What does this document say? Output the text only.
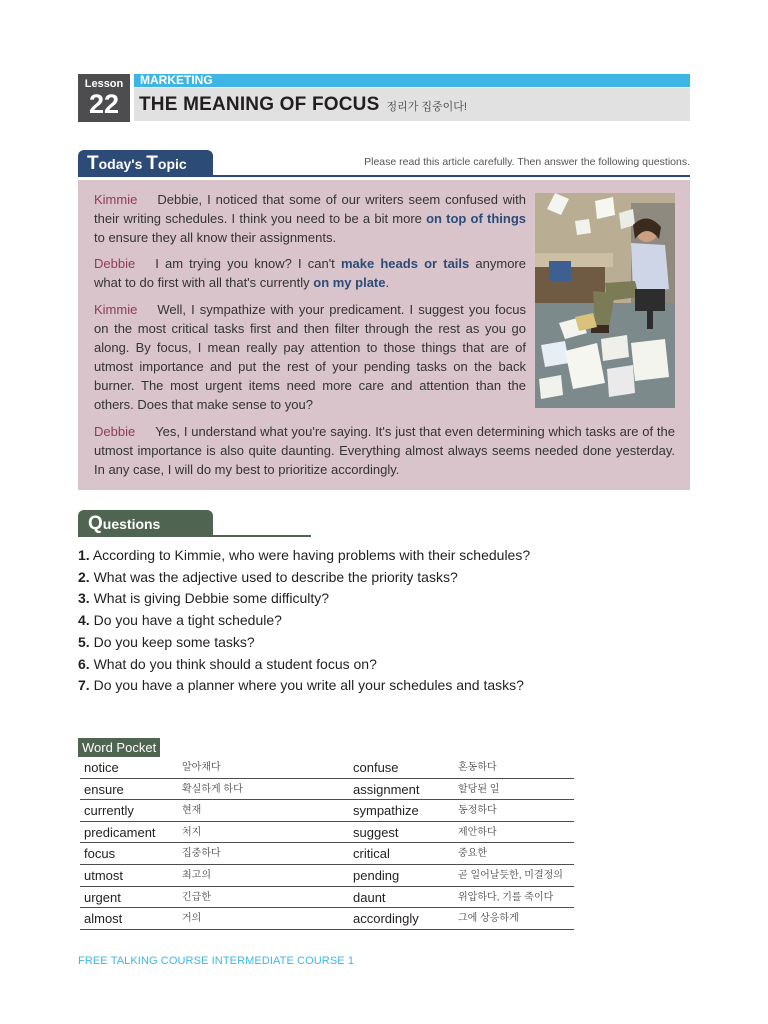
Lesson
22
MARKETING
THE MEANING OF FOCUS 정리가 집중이다!
Today's Topic	Please read this article carefully. Then answer the following questions.

Kimmie Debbie, I noticed that some of our writers seem confused with their writing schedules. I think you need to be a bit more on top of things to ensure they all know their assignments.

Debbie I am trying you know? I can't make heads or tails anymore what to do first with all that's currently on my plate.

Kimmie Well, I sympathize with your predicament. I suggest you focus on the most critical tasks first and then filter through the rest as you go along. By focus, I mean really pay attention to those things that are of utmost importance and put the rest of your pending tasks on the back burner. The most urgent items need more care and attention than the others. Does that make sense to you?

Debbie Yes, I understand what you're saying. It's just that even determining which tasks are of the utmost importance is also quite daunting. Everything almost always seems needed done yesterday. In any case, I will do my best to prioritize accordingly.

Questions
1. According to Kimmie, who were having problems with their schedules?
2. What was the adjective used to describe the priority tasks?
3. What is giving Debbie some difficulty?
4. Do you have a tight schedule?
5. Do you keep some tasks?
6. What do you think should a student focus on?
7. Do you have a planner where you write all your schedules and tasks?
Word Pocket
notice	알아채다	confuse	혼동하다
ensure	확실하게 하다	assignment	할당된 일
currently	현재	sympathize	동정하다
predicament	처지	suggest	제안하다
focus	집중하다	critical	중요한
utmost	최고의	pending	곧 일어날듯한, 미결정의
urgent	긴급한	daunt	위압하다, 기를 죽이다
almost	거의	accordingly	그에 상응하게
FREE TALKING COURSE INTERMEDIATE COURSE 1
